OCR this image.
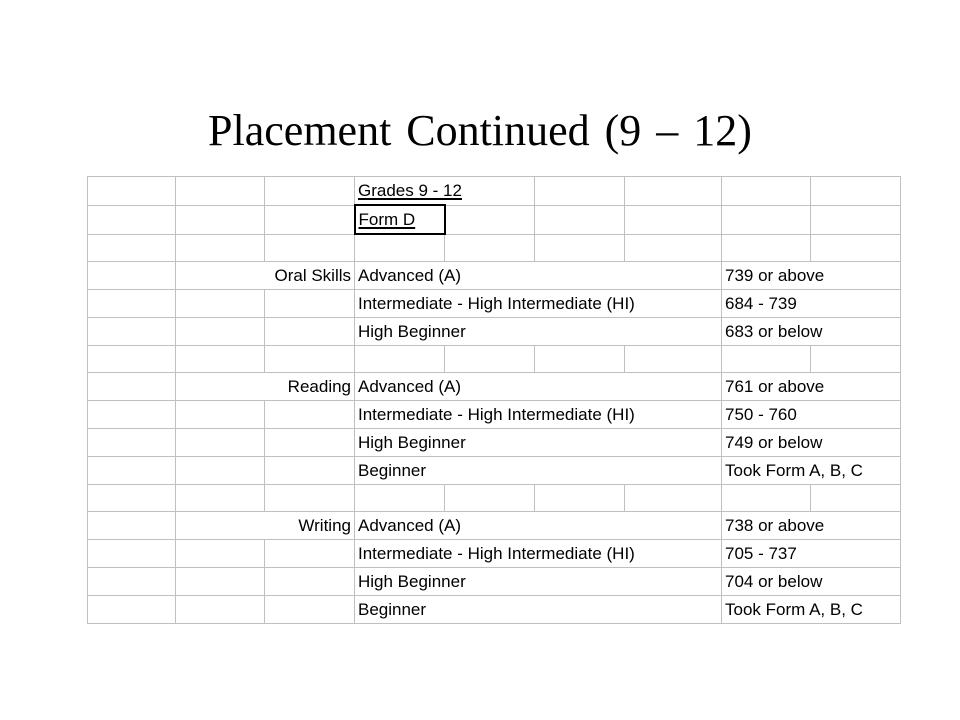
Placement Continued (9 – 12)
			Grades 9 - 12					
			Form D					

	Oral Skills		Advanced (A)				739 or above	
			Intermediate - High Intermediate (HI)				684 - 739	
			High Beginner				683 or below	

	Reading		Advanced (A)				761 or above	
			Intermediate - High Intermediate (HI)				750 - 760	
			High Beginner				749 or below	
			Beginner				Took Form A, B, C	

	Writing		Advanced (A)				738 or above	
			Intermediate - High Intermediate (HI)				705 - 737	
			High Beginner				704 or below	
			Beginner				Took Form A, B, C	
